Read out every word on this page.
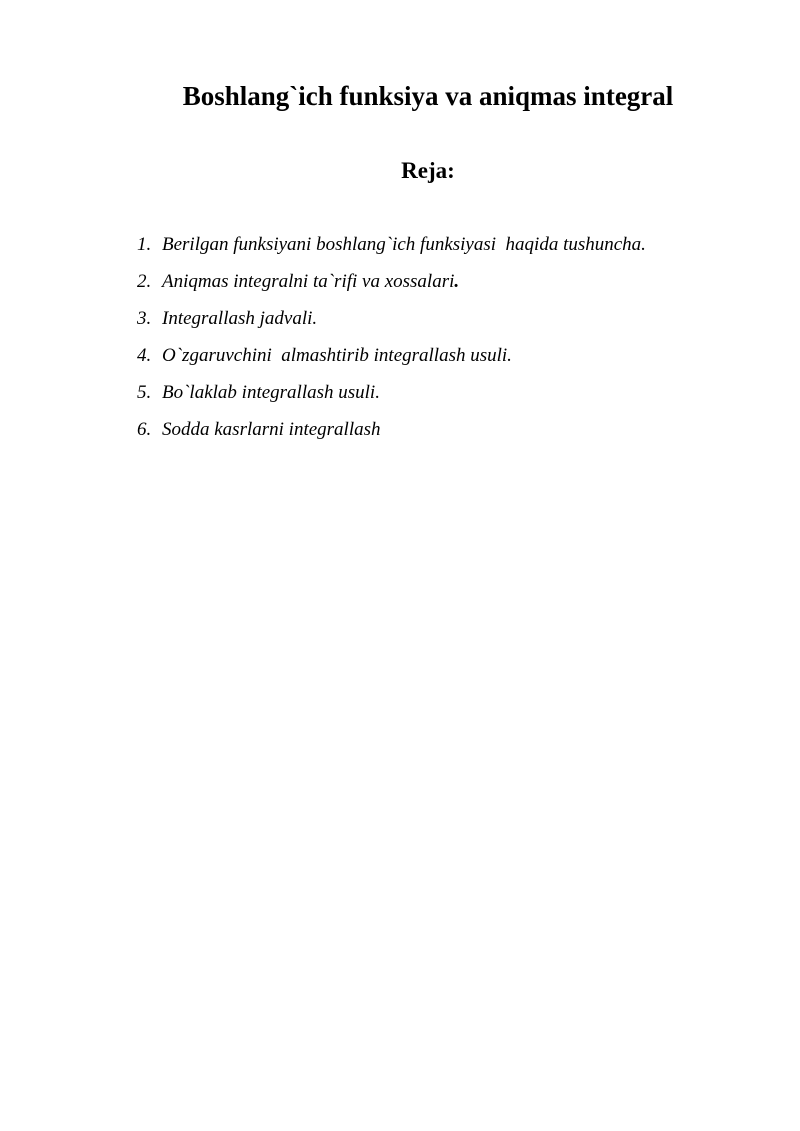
Boshlang`ich funksiya va aniqmas integral
Reja:
1. Berilgan funksiyani boshlang`ich funksiyasi  haqida tushuncha.
2. Aniqmas integralni ta`rifi va xossalari.
3. Integrallash jadvali.
4. O`zgaruvchini  almashtirib integrallash usuli.
5. Bo`laklab integrallash usuli.
6. Sodda kasrlarni integrallash
